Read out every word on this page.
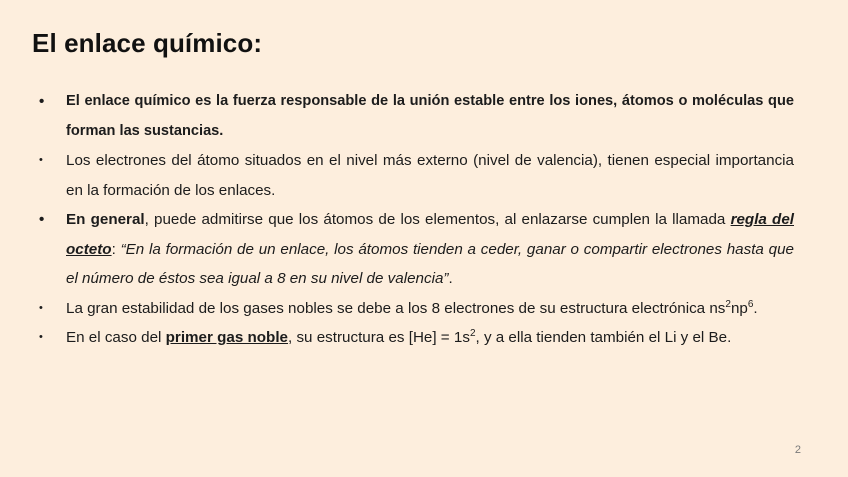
El enlace químico:
• El enlace químico es la fuerza responsable de la unión estable entre los iones, átomos o moléculas que forman las sustancias.
• Los electrones del átomo situados en el nivel más externo (nivel de valencia), tienen especial importancia en la formación de los enlaces.
• En general, puede admitirse que los átomos de los elementos, al enlazarse cumplen la llamada regla del octeto: “En la formación de un enlace, los átomos tienden a ceder, ganar o compartir electrones hasta que el número de éstos sea igual a 8 en su nivel de valencia”.
• La gran estabilidad de los gases nobles se debe a los 8 electrones de su estructura electrónica $ns^2np^6$.
• En el caso del primer gas noble, su estructura es $[He] = 1s^2$, y a ella tienden también el Li y el Be.
2
